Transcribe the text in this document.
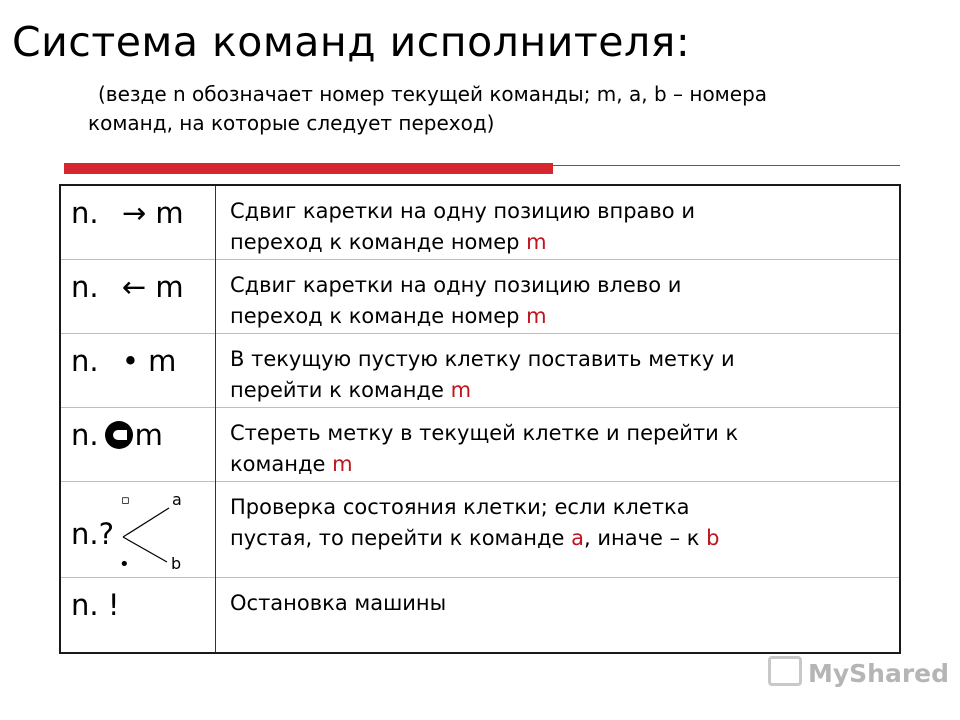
Система команд исполнителя:
(везде n обозначает номер текущей команды; m, a, b – номера
команд, на которые следует переход)
n. → m	Сдвиг каретки на одну позицию вправо и
переход к команде номер m

n. ← m	Сдвиг каретки на одну позицию влево и
переход к команде номер m

n. • m	В текущую пустую клетку поставить метку и
перейти к команде m

n. m	Стереть метку в текущей клетке и перейти к
команде m

▫ a
• b
n.?	Проверка состояния клетки; если клетка
пустая, то перейти к команде a, иначе – к b

n. !	Остановка машины
MyShared
